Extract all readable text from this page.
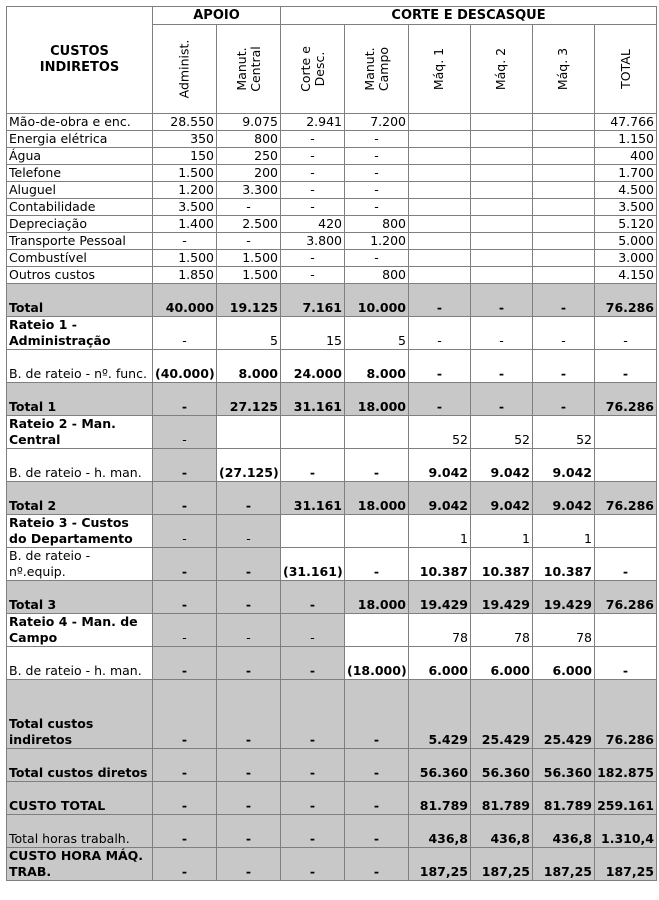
CUSTOS INDIRETOS	APOIO		CORTE E DESCASQUE					
	Administ.	Manut. Central	Corte e Desc.	Manut. Campo	Máq. 1	Máq. 2	Máq. 3	TOTAL
Mão-de-obra e enc.	28.550	9.075	2.941	7.200				47.766
Energia elétrica	350	800	-	-				1.150
Água	150	250	-	-				400
Telefone	1.500	200	-	-				1.700
Aluguel	1.200	3.300	-	-				4.500
Contabilidade	3.500	-	-	-				3.500
Depreciação	1.400	2.500	420	800				5.120
Transporte Pessoal	-	-	3.800	1.200				5.000
Combustível	1.500	1.500	-	-				3.000
Outros custos	1.850	1.500	-	800				4.150
Total	40.000	19.125	7.161	10.000	-	-	-	76.286
Rateio 1 - Administração	-	5	15	5	-	-	-	-
B. de rateio - nº. func.	(40.000)	8.000	24.000	8.000	-	-	-	-
Total 1	-	27.125	31.161	18.000	-	-	-	76.286
Rateio 2 - Man. Central	-				52	52	52	
B. de rateio - h. man.	-	(27.125)	-	-	9.042	9.042	9.042	
Total 2	-	-	31.161	18.000	9.042	9.042	9.042	76.286
Rateio 3 - Custos do Departamento	-	-			1	1	1	
B. de rateio - nº.equip.	-	-	(31.161)	-	10.387	10.387	10.387	-
Total 3	-	-	-	18.000	19.429	19.429	19.429	76.286
Rateio 4 - Man. de Campo	-	-	-		78	78	78	
B. de rateio - h. man.	-	-	-	(18.000)	6.000	6.000	6.000	-
Total custos indiretos	-	-	-	-	5.429	25.429	25.429	76.286
Total custos diretos	-	-	-	-	56.360	56.360	56.360	182.875
CUSTO TOTAL	-	-	-	-	81.789	81.789	81.789	259.161
Total horas trabalh.	-	-	-	-	436,8	436,8	436,8	1.310,4
CUSTO HORA MÁQ. TRAB.	-	-	-	-	187,25	187,25	187,25	187,25
